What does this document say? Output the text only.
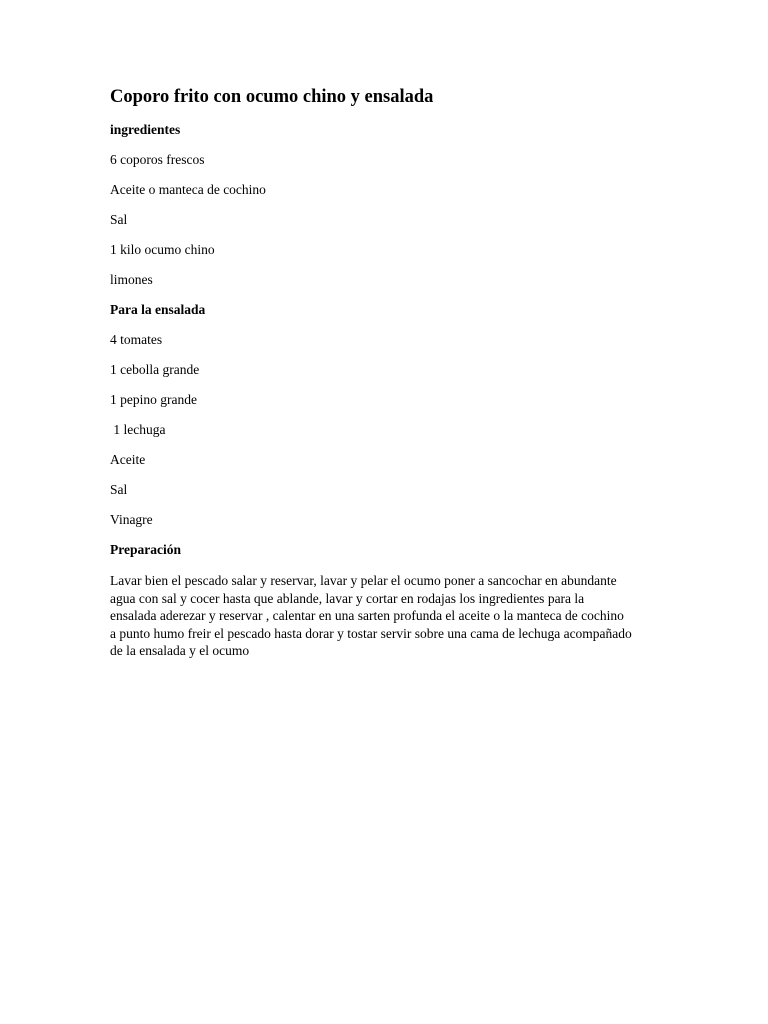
Coporo frito con ocumo chino y ensalada

ingredientes

6 coporos frescos

Aceite o manteca de cochino

Sal

1 kilo ocumo chino

limones

Para la ensalada

4 tomates

1 cebolla grande

1 pepino grande

1 lechuga

Aceite

Sal

Vinagre

Preparación

Lavar bien el pescado salar y reservar, lavar y pelar el ocumo poner a sancochar en abundante

agua con sal y cocer hasta que ablande, lavar y cortar en rodajas los ingredientes para la

ensalada aderezar y reservar , calentar en una sarten profunda el aceite o la manteca de cochino

a punto humo freir el pescado hasta dorar y tostar servir sobre una cama de lechuga acompañado

de la ensalada y el ocumo
